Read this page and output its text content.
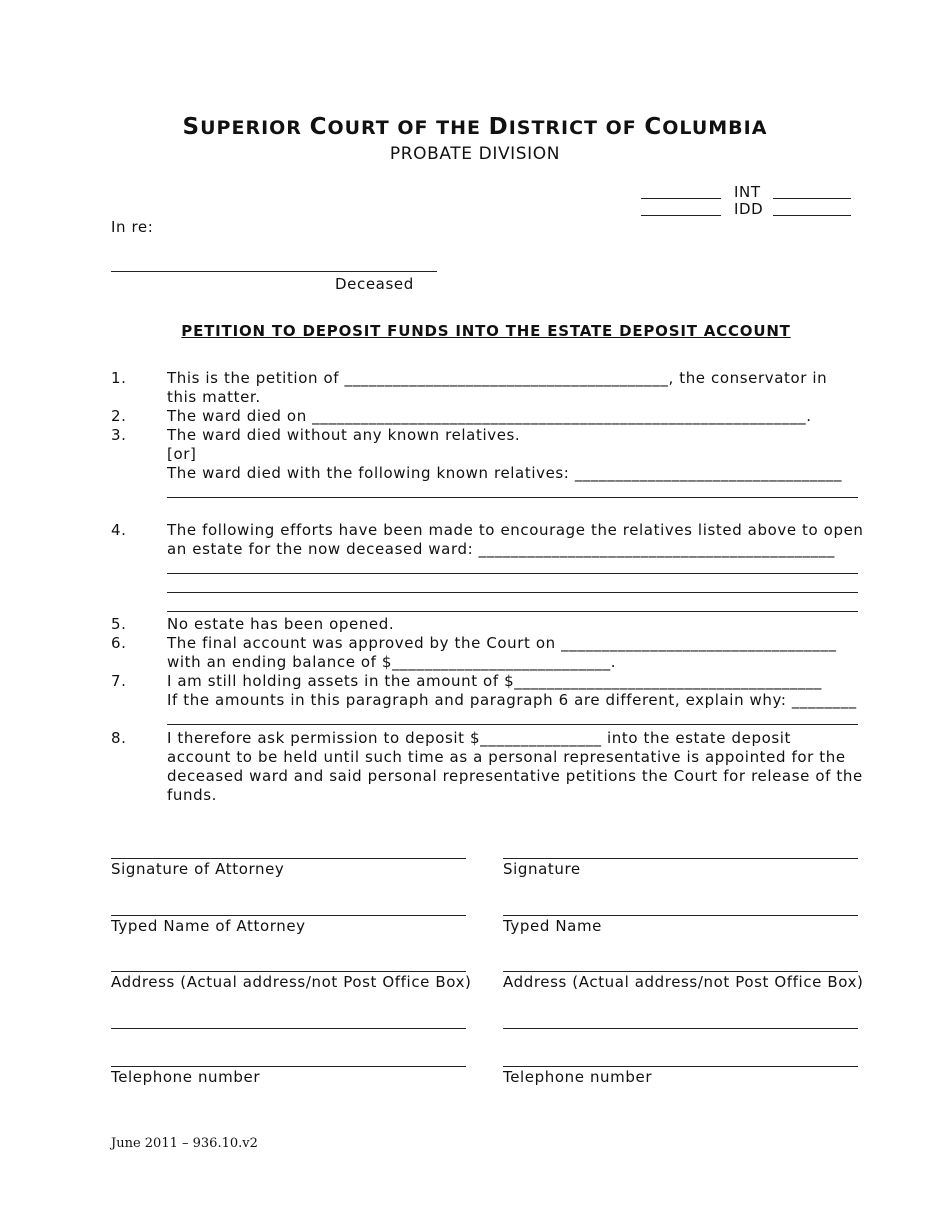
SUPERIOR COURT OF THE DISTRICT OF COLUMBIA
PROBATE DIVISION
INT
IDD
In re:
Deceased
PETITION TO DEPOSIT FUNDS INTO THE ESTATE DEPOSIT ACCOUNT
1.	This is the petition of ________________________________________, the conservator in
this matter.
2.	The ward died on _____________________________________________________________.
3.	The ward died without any known relatives.
[or]
The ward died with the following known relatives: _________________________________
4.	The following efforts have been made to encourage the relatives listed above to open
an estate for the now deceased ward: ____________________________________________
5.	No estate has been opened.
6.	The final account was approved by the Court on __________________________________
with an ending balance of $___________________________.
7.	I am still holding assets in the amount of $______________________________________
If the amounts in this paragraph and paragraph 6 are different, explain why: ________
8.	I therefore ask permission to deposit $_______________ into the estate deposit
account to be held until such time as a personal representative is appointed for the
deceased ward and said personal representative petitions the Court for release of the
funds.
Signature of Attorney
Typed Name of Attorney
Address (Actual address/not Post Office Box)
Telephone number
Signature
Typed Name
Address (Actual address/not Post Office Box)
Telephone number
June 2011 – 936.10.v2
